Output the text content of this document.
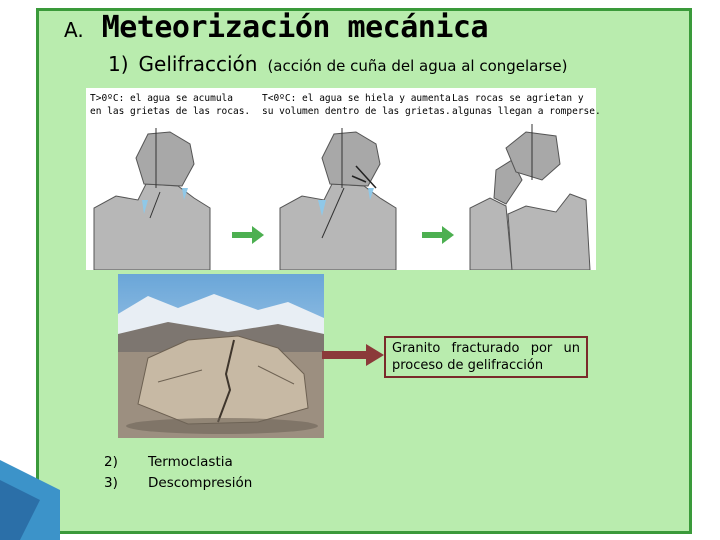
A. Meteorización mecánica
1) Gelifracción (acción de cuña del agua al congelarse)
T>0ºC: el agua se acumula
en las grietas de las rocas.
T<0ºC: el agua se hiela y aumenta
su volumen dentro de las grietas.
Las rocas se agrietan y
algunas llegan a romperse.
Granito fracturado por un proceso de gelifracción
2)	Termoclastia
3)	Descompresión
